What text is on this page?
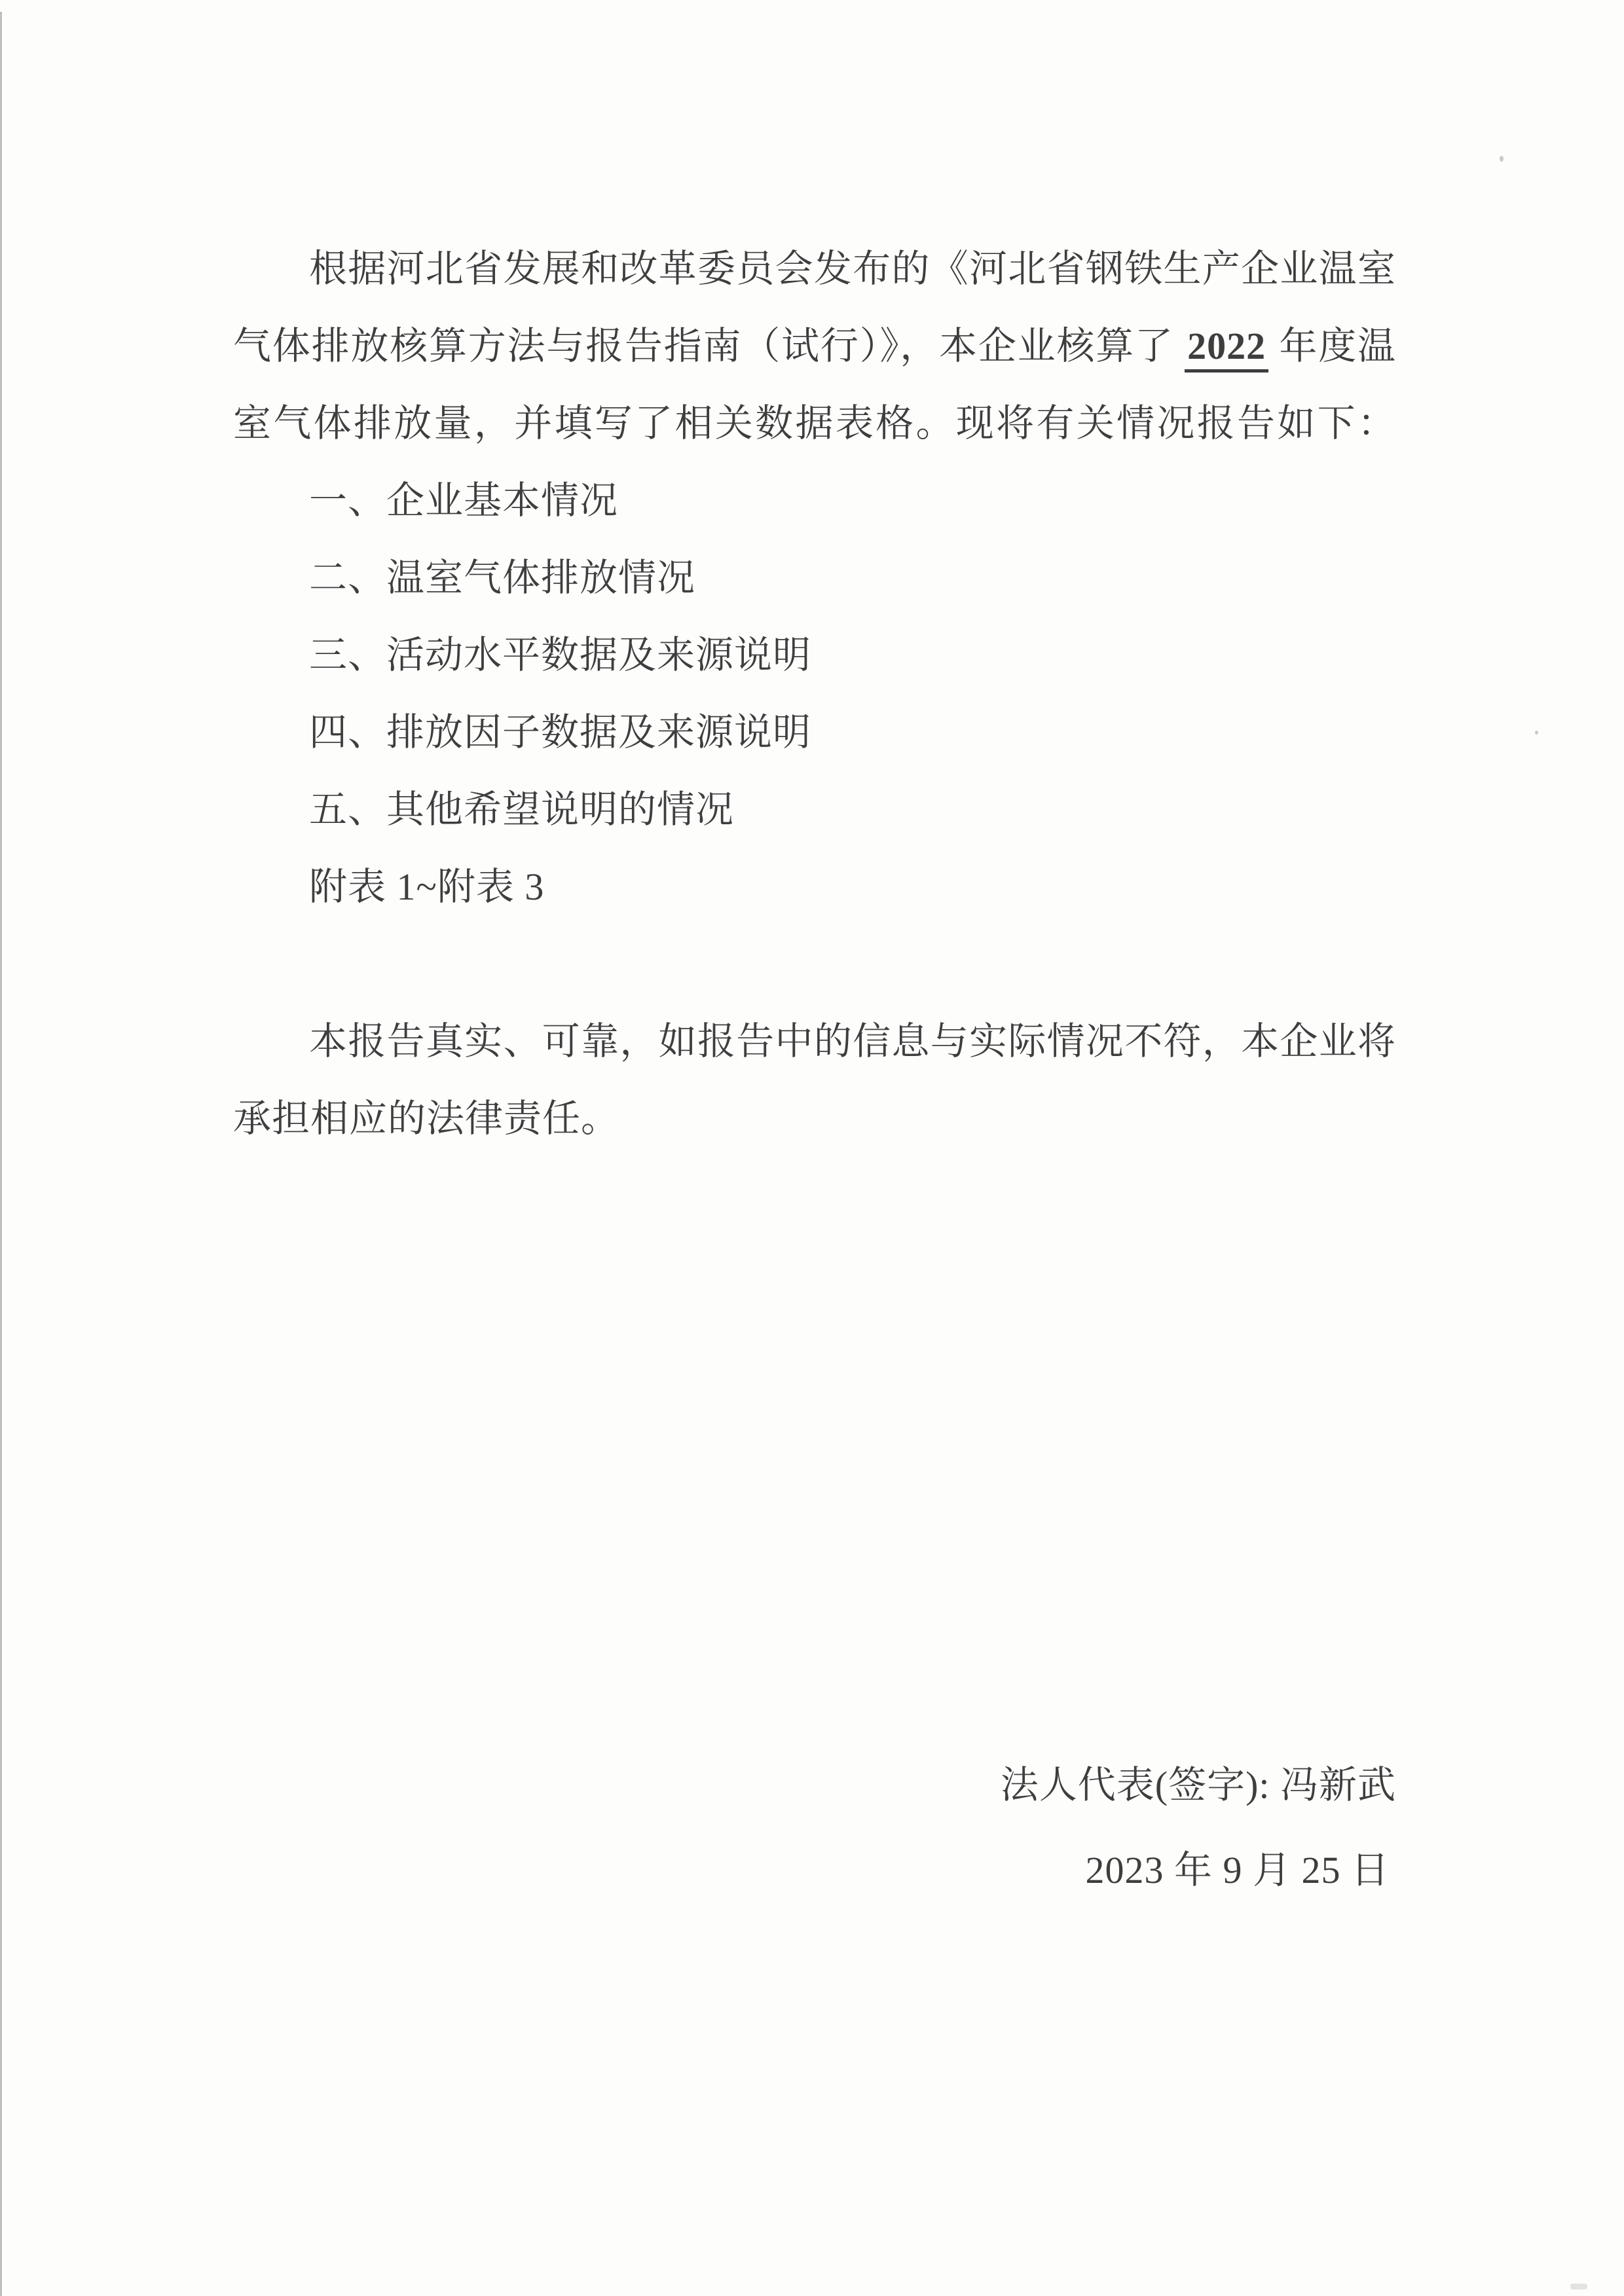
根据河北省发展和改革委员会发布的《河北省钢铁生产企业温室
气体排放核算方法与报告指南（试行）》，本企业核算了 2022 年度温
室气体排放量，并填写了相关数据表格。现将有关情况报告如下：
一、企业基本情况
二、温室气体排放情况
三、活动水平数据及来源说明
四、排放因子数据及来源说明
五、其他希望说明的情况
附表 1~附表 3
本报告真实、可靠，如报告中的信息与实际情况不符，本企业将
承担相应的法律责任。
法人代表(签字): 冯新武
2023 年 9 月 25 日
